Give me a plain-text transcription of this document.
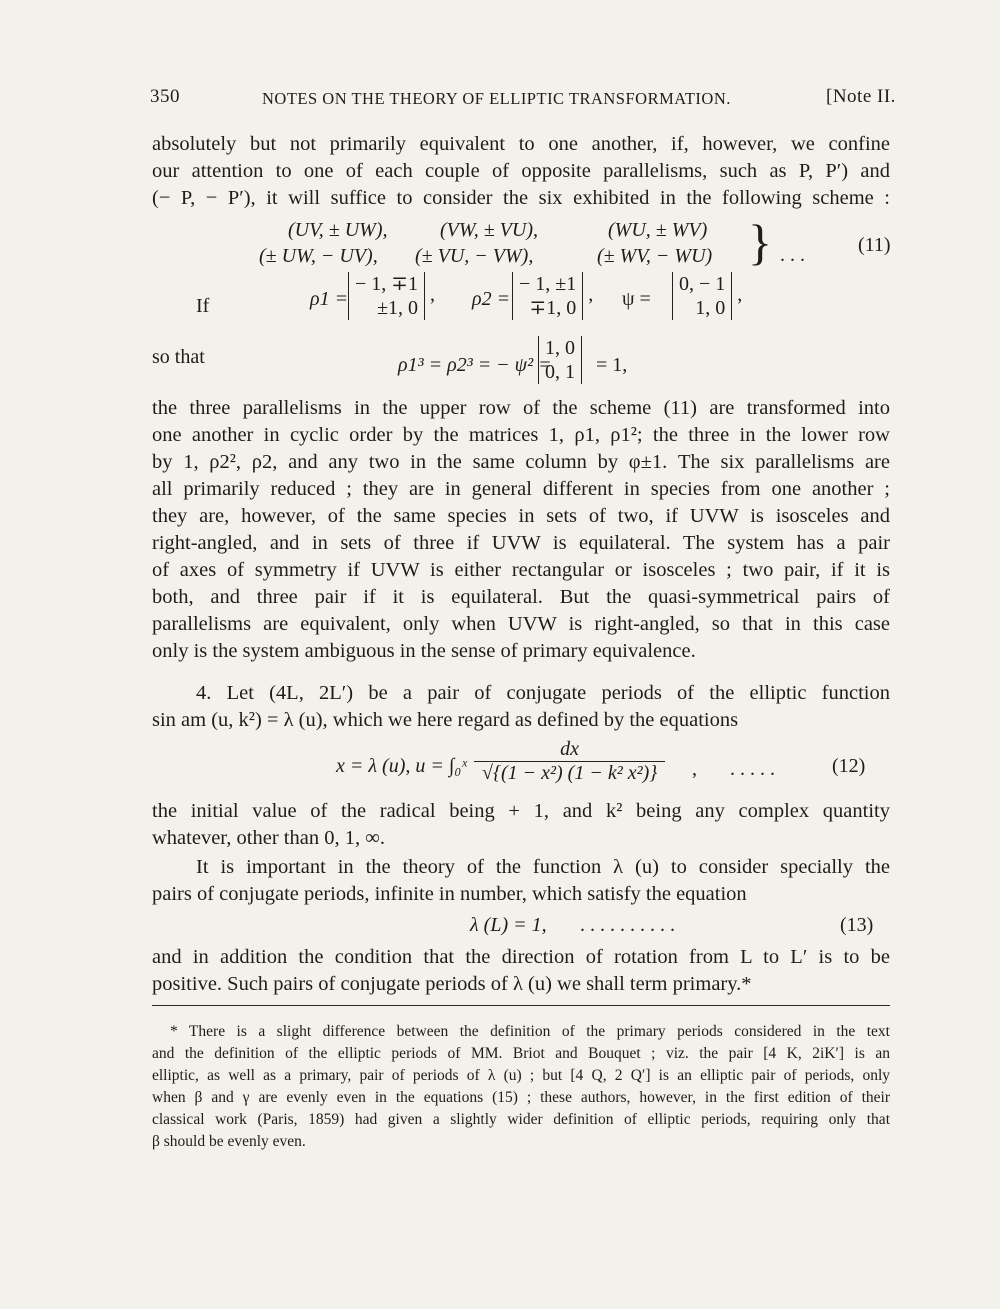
350	NOTES ON THE THEORY OF ELLIPTIC TRANSFORMATION.	[Note II.
absolutely but not primarily equivalent to one another, if, however, we confine
our attention to one of each couple of opposite parallelisms, such as P, P′) and
(− P, − P′), it will suffice to consider the six exhibited in the following scheme :
(UV, ± UW),	(VW, ± VU),	(WU, ± WV)
(± UW, − UV), (± VU, − VW),	(± WV, − WU) } . . .	(11)
If	ρ1 =
− 1, ∓1
±1, 0
, ρ2 =
− 1, ±1
∓1, 0
, ψ =
0, − 1
1, 0
,
so that	ρ1³ = ρ2³ = − ψ² =
1, 0
0, 1 = 1,
the three parallelisms in the upper row of the scheme (11) are transformed into
one another in cyclic order by the matrices 1, ρ1, ρ1²; the three in the lower row
by 1, ρ2², ρ2, and any two in the same column by φ±1. The six parallelisms are
all primarily reduced ; they are in general different in species from one another ;
they are, however, of the same species in sets of two, if UVW is isosceles and
right-angled, and in sets of three if UVW is equilateral. The system has a pair
of axes of symmetry if UVW is either rectangular or isosceles ; two pair, if it is
both, and three pair if it is equilateral. But the quasi-symmetrical pairs of
parallelisms are equivalent, only when UVW is right-angled, so that in this case
only is the system ambiguous in the sense of primary equivalence.
4. Let (4L, 2L′) be a pair of conjugate periods of the elliptic function
sin am (u, k²) = λ (u), which we here regard as defined by the equations
x = λ (u), u = ∫₀ˣ $\frac{dx}{\text{√\{(1 − x²) (1 − k² x²)\}}}$ , . . . . .	(12)
the initial value of the radical being + 1, and k² being any complex quantity
whatever, other than 0, 1, ∞.
It is important in the theory of the function λ (u) to consider specially the
pairs of conjugate periods, infinite in number, which satisfy the equation
λ (L) = 1, . . . . . . . . . .	(13)
and in addition the condition that the direction of rotation from L to L′ is to be
positive. Such pairs of conjugate periods of λ (u) we shall term primary.*
* There is a slight difference between the definition of the primary periods considered in the text
and the definition of the elliptic periods of MM. Briot and Bouquet ; viz. the pair [4 K, 2iK′] is an
elliptic, as well as a primary, pair of periods of λ (u) ; but [4 Q, 2 Q′] is an elliptic pair of periods, only
when β and γ are evenly even in the equations (15) ; these authors, however, in the first edition of their
classical work (Paris, 1859) had given a slightly wider definition of elliptic periods, requiring only that
β should be evenly even.
